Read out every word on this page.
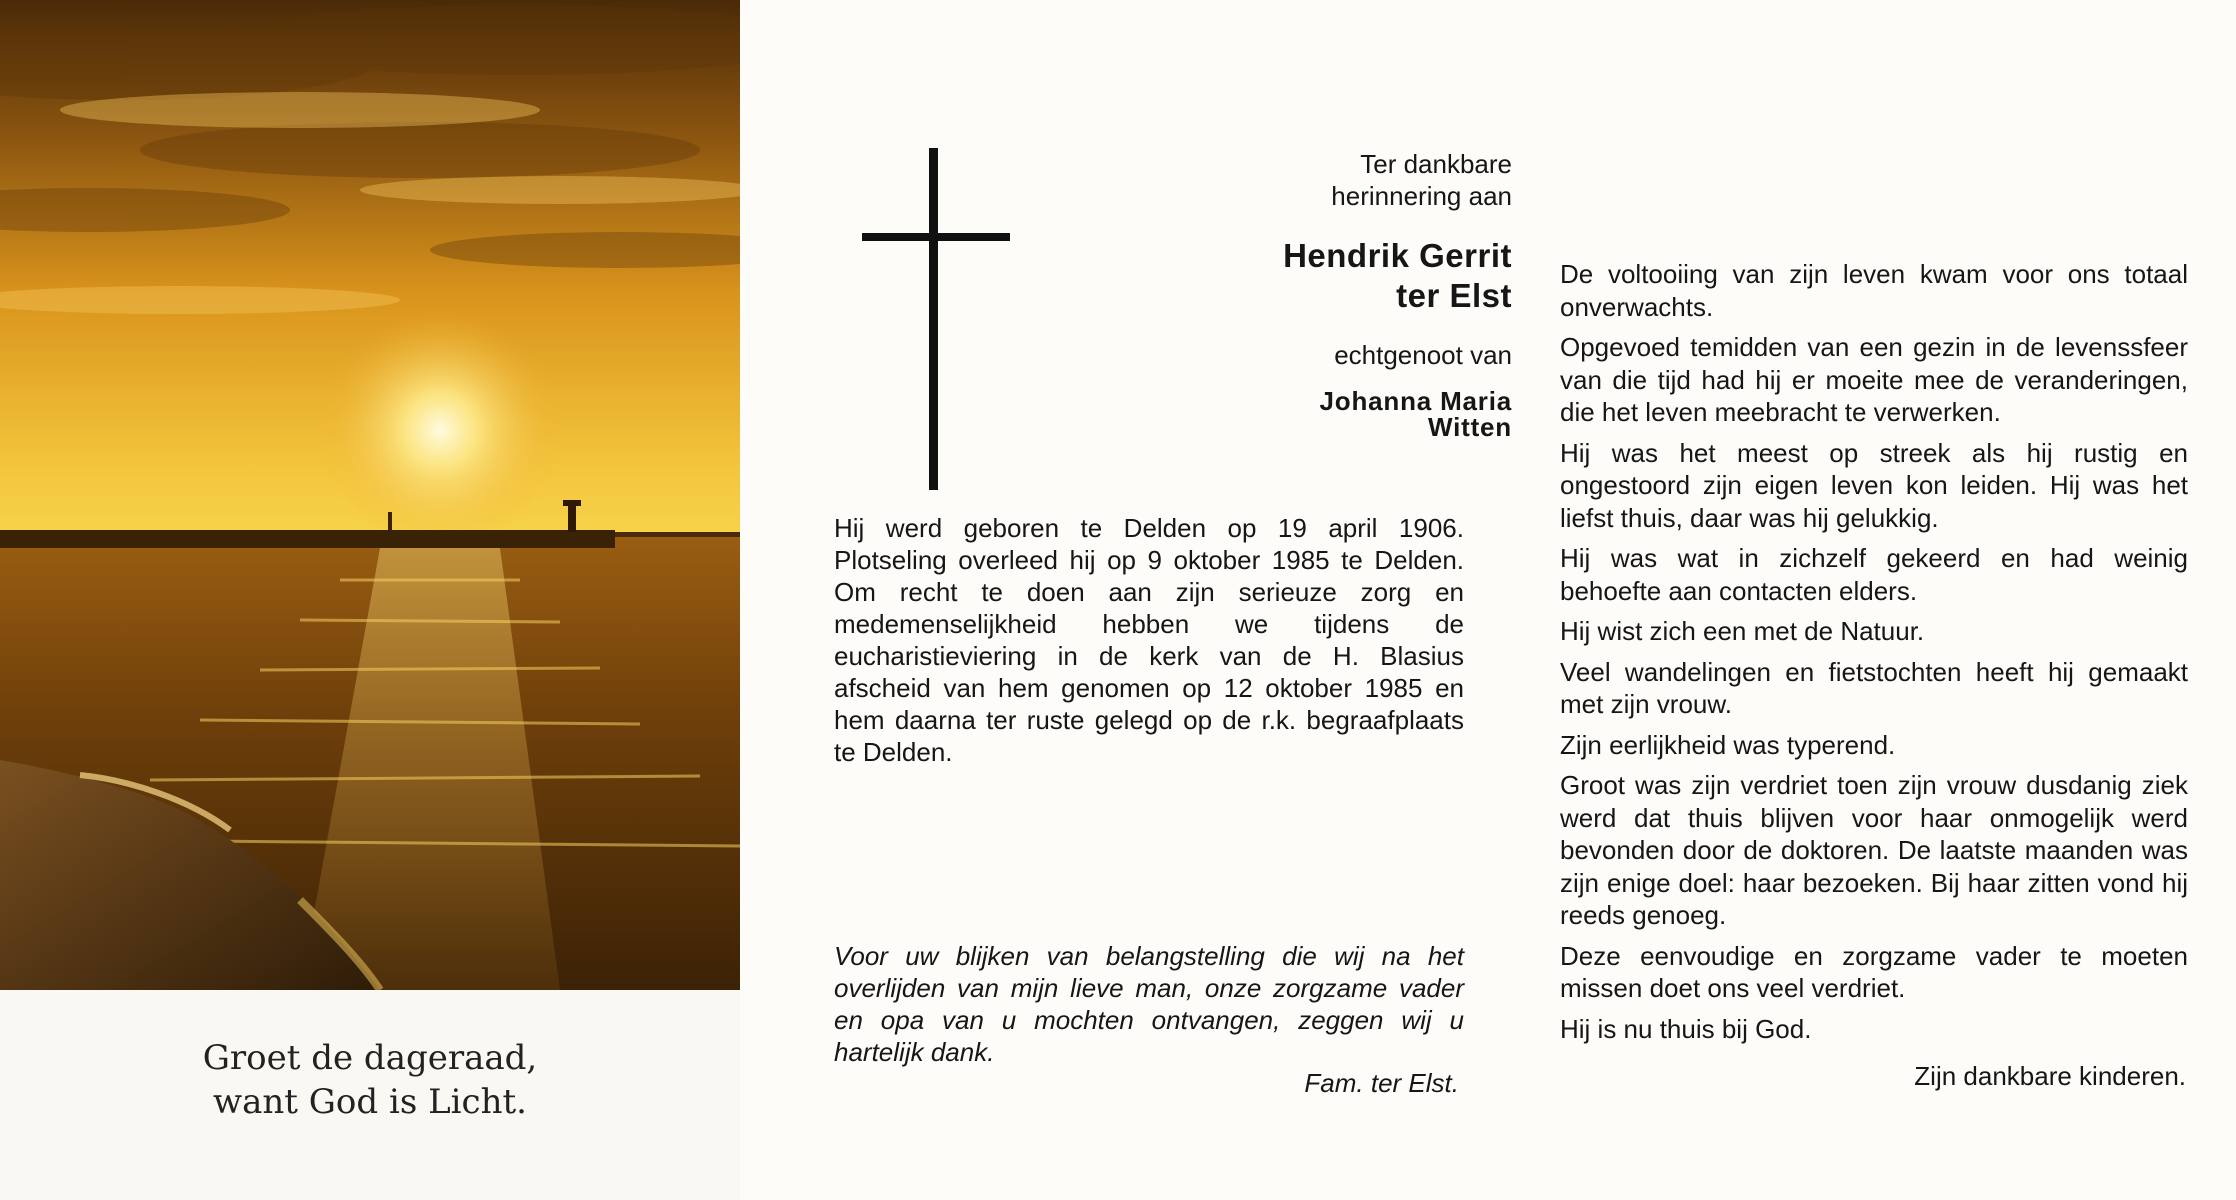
Groet de dageraad,
want God is Licht.
Ter dankbare
herinnering aan
Hendrik Gerrit
ter Elst
echtgenoot van
Johanna Maria
Witten
Hij werd geboren te Delden op 19 april 1906. Plotseling overleed hij op 9 oktober 1985 te Delden. Om recht te doen aan zijn serieuze zorg en medemenselijkheid hebben we tijdens de eucharistieviering in de kerk van de H. Blasius afscheid van hem genomen op 12 oktober 1985 en hem daarna ter ruste gelegd op de r.k. begraafplaats te Delden.
Voor uw blijken van belangstelling die wij na het overlijden van mijn lieve man, onze zorgzame vader en opa van u mochten ontvangen, zeggen wij u hartelijk dank.
Fam. ter Elst.

De voltooiing van zijn leven kwam voor ons totaal onverwachts.

Opgevoed temidden van een gezin in de levenssfeer van die tijd had hij er moeite mee de veranderingen, die het leven meebracht te verwerken.

Hij was het meest op streek als hij rustig en ongestoord zijn eigen leven kon leiden. Hij was het liefst thuis, daar was hij gelukkig.

Hij was wat in zichzelf gekeerd en had weinig behoefte aan contacten elders.

Hij wist zich een met de Natuur.

Veel wandelingen en fietstochten heeft hij gemaakt met zijn vrouw.

Zijn eerlijkheid was typerend.

Groot was zijn verdriet toen zijn vrouw dusdanig ziek werd dat thuis blijven voor haar onmogelijk werd bevonden door de doktoren. De laatste maanden was zijn enige doel: haar bezoeken. Bij haar zitten vond hij reeds genoeg.

Deze eenvoudige en zorgzame vader te moeten missen doet ons veel verdriet.

Hij is nu thuis bij God.

Zijn dankbare kinderen.
